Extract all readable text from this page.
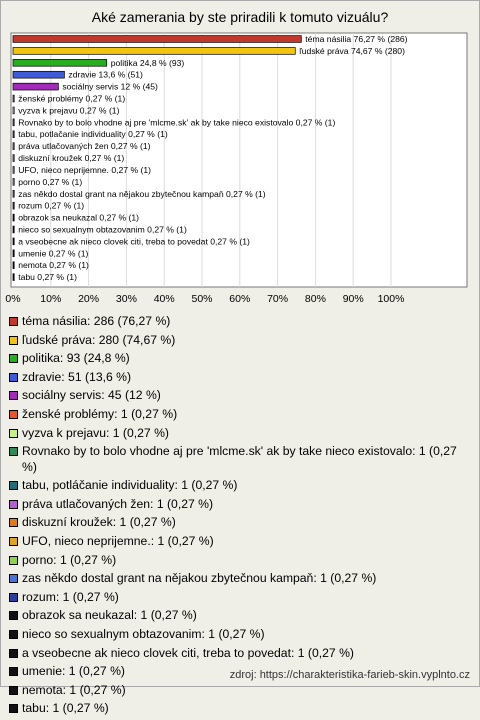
Aké zamerania by ste priradili k tomuto vizuálu?
0% 10% 20% 30% 40% 50% 60% 70% 80% 90% 100%
téma násilia 76,27 % (286)
ľudské práva 74,67 % (280)
politika 24,8 % (93)
zdravie 13,6 % (51)
sociálny servis 12 % (45)
ženské problémy 0,27 % (1)
vyzva k prejavu 0,27 % (1)
Rovnako by to bolo vhodne aj pre 'mlcme.sk' ak by take nieco existovalo 0,27 % (1)
tabu, potlačanie individuality 0,27 % (1)
práva utlačovaných žen 0,27 % (1)
diskuzní kroužek 0,27 % (1)
UFO, nieco neprijemne. 0,27 % (1)
porno 0,27 % (1)
zas někdo dostal grant na nějakou zbytečnou kampaň 0,27 % (1)
rozum 0,27 % (1)
obrazok sa neukazal 0,27 % (1)
nieco so sexualnym obtazovanim 0,27 % (1)
a vseobecne ak nieco clovek citi, treba to povedat 0,27 % (1)
umenie 0,27 % (1)
nemota 0,27 % (1)
tabu 0,27 % (1)
téma násilia: 286 (76,27 %)
ľudské práva: 280 (74,67 %)
politika: 93 (24,8 %)
zdravie: 51 (13,6 %)
sociálny servis: 45 (12 %)
ženské problémy: 1 (0,27 %)
vyzva k prejavu: 1 (0,27 %)
Rovnako by to bolo vhodne aj pre 'mlcme.sk' ak by take nieco existovalo: 1 (0,27 %)
tabu, potláčanie individuality: 1 (0,27 %)
práva utlačovaných žen: 1 (0,27 %)
diskuzní kroužek: 1 (0,27 %)
UFO, nieco neprijemne.: 1 (0,27 %)
porno: 1 (0,27 %)
zas někdo dostal grant na nějakou zbytečnou kampaň: 1 (0,27 %)
rozum: 1 (0,27 %)
obrazok sa neukazal: 1 (0,27 %)
nieco so sexualnym obtazovanim: 1 (0,27 %)
a vseobecne ak nieco clovek citi, treba to povedat: 1 (0,27 %)
umenie: 1 (0,27 %)
nemota: 1 (0,27 %)
tabu: 1 (0,27 %)
zdroj: https://charakteristika-farieb-skin.vyplnto.cz
